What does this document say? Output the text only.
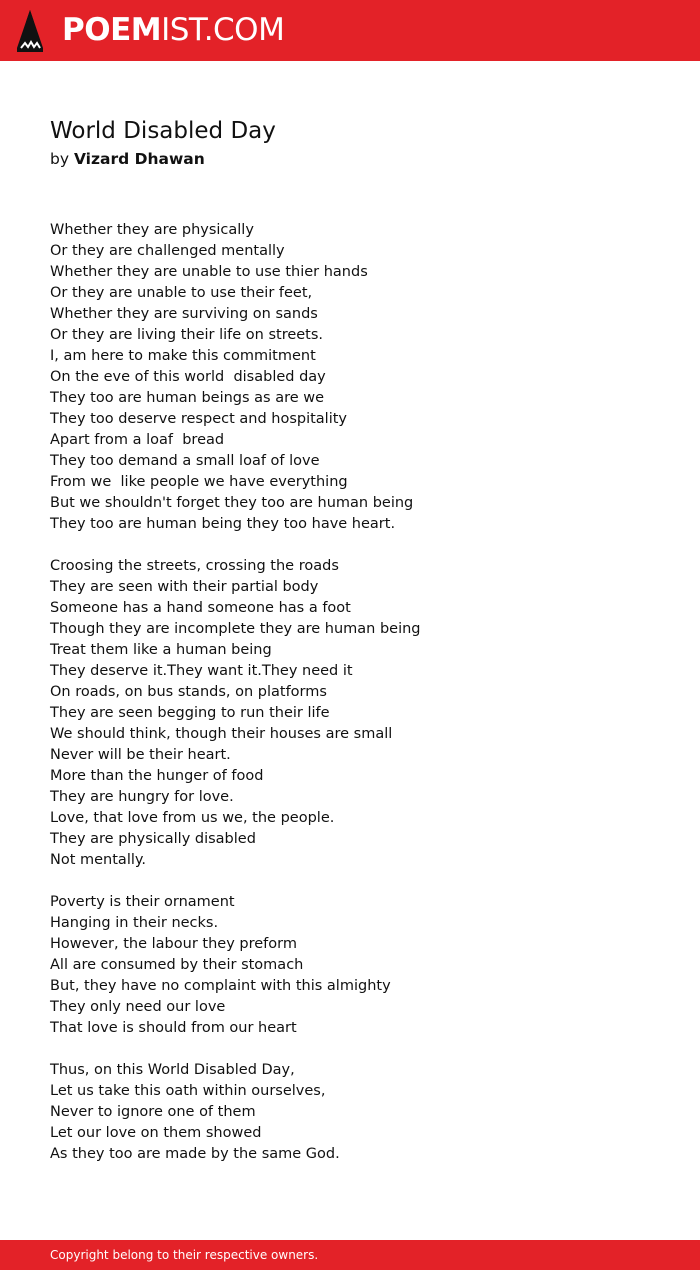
POEMIST.COM
World Disabled Day

by Vizard Dhawan

Whether they are physically
Or they are challenged mentally
Whether they are unable to use thier hands
Or they are unable to use their feet,
Whether they are surviving on sands
Or they are living their life on streets.
I, am here to make this commitment
On the eve of this world  disabled day
They too are human beings as are we
They too deserve respect and hospitality
Apart from a loaf  bread
They too demand a small loaf of love
From we  like people we have everything
But we shouldn't forget they too are human being
They too are human being they too have heart.
Croosing the streets, crossing the roads
They are seen with their partial body
Someone has a hand someone has a foot
Though they are incomplete they are human being
Treat them like a human being
They deserve it.They want it.They need it
On roads, on bus stands, on platforms
They are seen begging to run their life
We should think, though their houses are small
Never will be their heart.
More than the hunger of food
They are hungry for love.
Love, that love from us we, the people.
They are physically disabled
Not mentally.
Poverty is their ornament
Hanging in their necks.
However, the labour they preform
All are consumed by their stomach
But, they have no complaint with this almighty
They only need our love
That love is should from our heart
Thus, on this World Disabled Day,
Let us take this oath within ourselves,
Never to ignore one of them
Let our love on them showed
As they too are made by the same God.
Copyright belong to their respective owners.
